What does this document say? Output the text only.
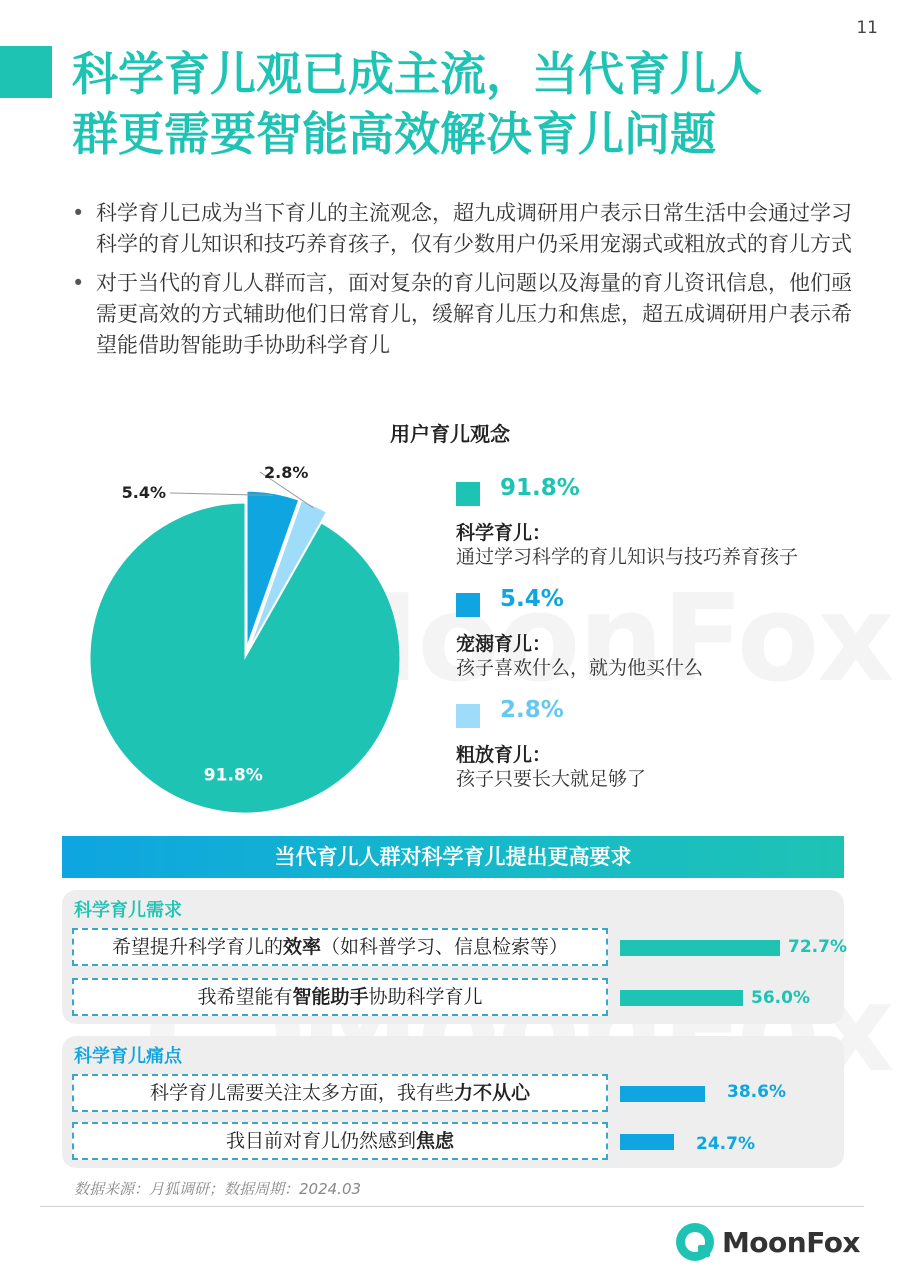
11
科学育儿观已成主流，当代育儿人
群更需要智能高效解决育儿问题
• 科学育儿已成为当下育儿的主流观念，超九成调研用户表示日常生活中会通过学习科学的育儿知识和技巧养育孩子，仅有少数用户仍采用宠溺式或粗放式的育儿方式
• 对于当代的育儿人群而言，面对复杂的育儿问题以及海量的育儿资讯信息，他们亟需更高效的方式辅助他们日常育儿，缓解育儿压力和焦虑，超五成调研用户表示希望能借助智能助手协助科学育儿
用户育儿观念
91.8%
5.4%
2.8%
91.8%
科学育儿：
通过学习科学的育儿知识与技巧养育孩子
5.4%
宠溺育儿：
孩子喜欢什么，就为他买什么
2.8%
粗放育儿：
孩子只要长大就足够了
当代育儿人群对科学育儿提出更高要求
科学育儿需求
希望提升科学育儿的效率（如科普学习、信息检索等）	72.7%
我希望能有智能助手协助科学育儿	56.0%
科学育儿痛点
科学育儿需要关注太多方面，我有些力不从心	38.6%
我目前对育儿仍然感到焦虑	24.7%
数据来源：月狐调研；数据周期：2024.03
MoonFox
